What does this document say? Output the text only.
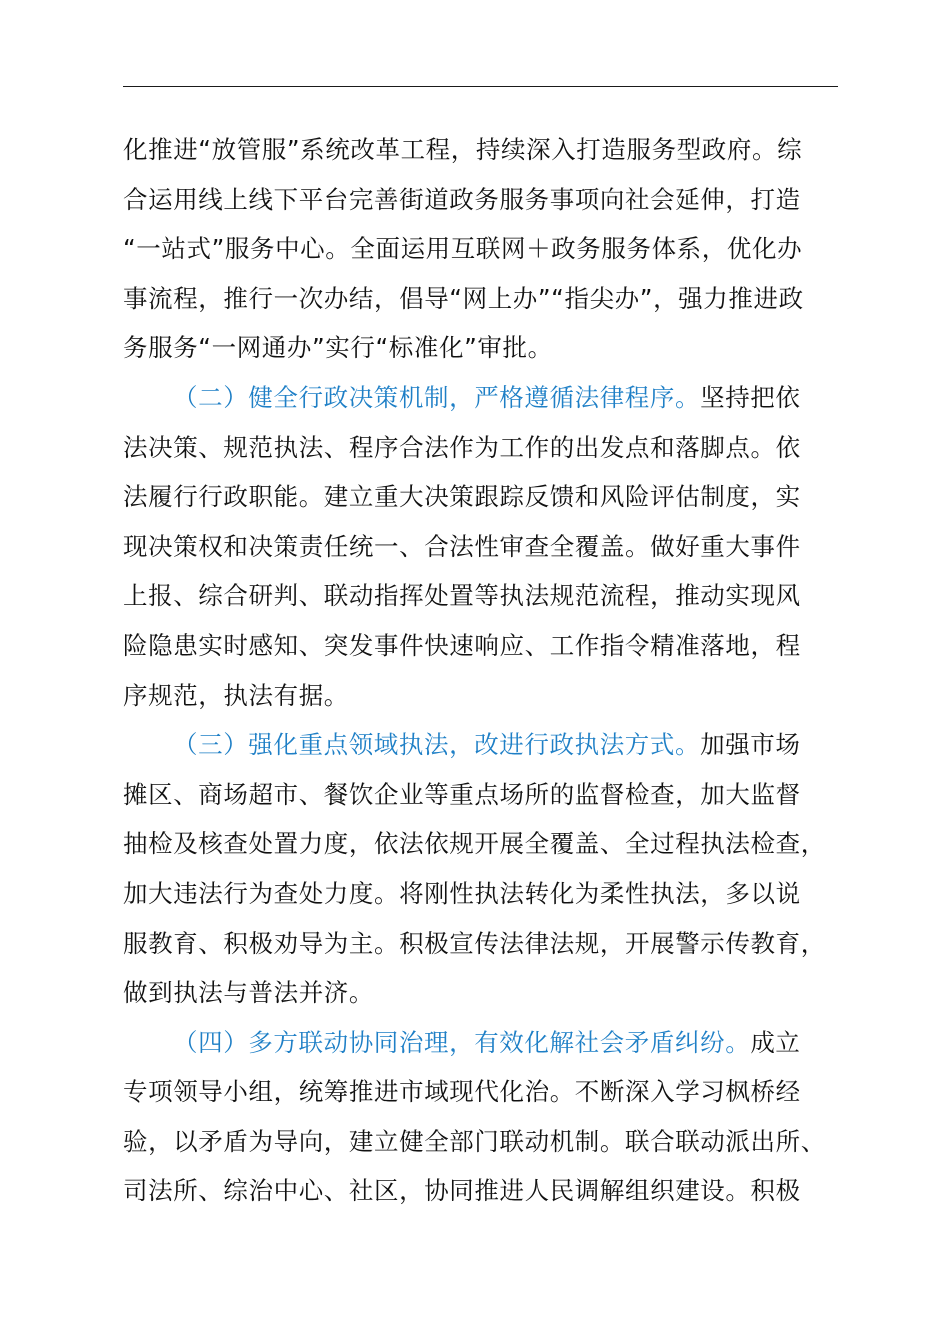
化推进“放管服”系统改革工程，持续深入打造服务型政府。综
合运用线上线下平台完善街道政务服务事项向社会延伸，打造
“一站式”服务中心。全面运用互联网＋政务服务体系，优化办
事流程，推行一次办结，倡导“网上办”“指尖办”，强力推进政
务服务“一网通办”实行“标准化”审批。
（二）健全行政决策机制，严格遵循法律程序。坚持把依
法决策、规范执法、程序合法作为工作的出发点和落脚点。依
法履行行政职能。建立重大决策跟踪反馈和风险评估制度，实
现决策权和决策责任统一、合法性审查全覆盖。做好重大事件
上报、综合研判、联动指挥处置等执法规范流程，推动实现风
险隐患实时感知、突发事件快速响应、工作指令精准落地，程
序规范，执法有据。
（三）强化重点领域执法，改进行政执法方式。加强市场
摊区、商场超市、餐饮企业等重点场所的监督检查，加大监督
抽检及核查处置力度，依法依规开展全覆盖、全过程执法检查，
加大违法行为查处力度。将刚性执法转化为柔性执法，多以说
服教育、积极劝导为主。积极宣传法律法规，开展警示传教育，
做到执法与普法并济。
（四）多方联动协同治理，有效化解社会矛盾纠纷。成立
专项领导小组，统筹推进市域现代化治。不断深入学习枫桥经
验，以矛盾为导向，建立健全部门联动机制。联合联动派出所、
司法所、综治中心、社区，协同推进人民调解组织建设。积极
